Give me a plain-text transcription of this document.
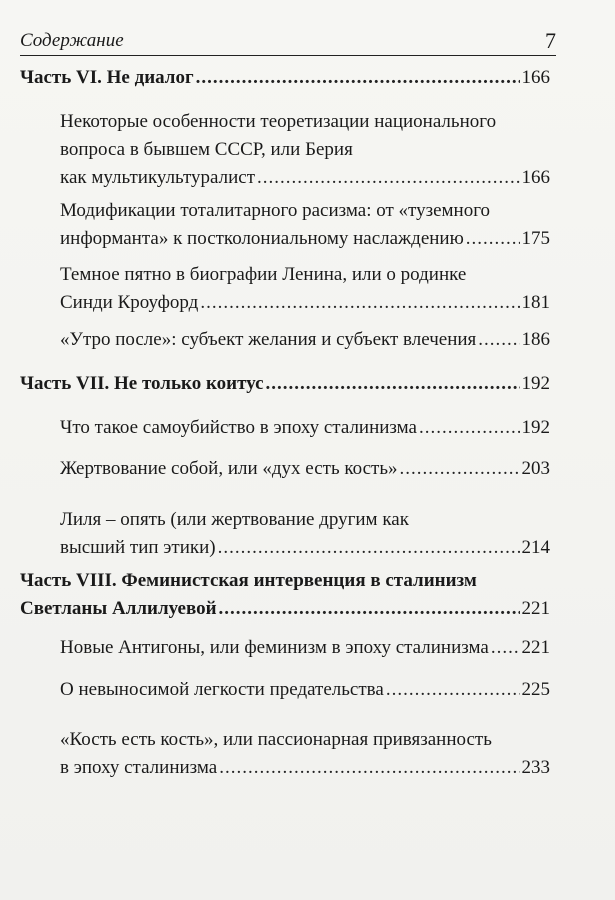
Содержание	7
Часть VI. Не диалог .....	166
Некоторые особенности теоретизации национального
вопроса в бывшем СССР, или Берия
как мультикультуралист .....	166
Модификации тоталитарного расизма: от «туземного
информанта» к постколониальному наслаждению .....	175
Темное пятно в биографии Ленина, или о родинке
Синди Кроуфорд .....	181
«Утро после»: субъект желания и субъект влечения ..... 186
Часть VII. Не только коитус .....	192
Что такое самоубийство в эпоху сталинизма .....	192
Жертвование собой, или «дух есть кость» .....	203
Лиля – опять (или жертвование другим как
высший тип этики) .....	214
Часть VIII. Феминистская интервенция в сталинизм
Светланы Аллилуевой .....	221
Новые Антигоны, или феминизм в эпоху сталинизма ..... 221
О невыносимой легкости предательства .....	225
«Кость есть кость», или пассионарная привязанность
в эпоху сталинизма .....	233
